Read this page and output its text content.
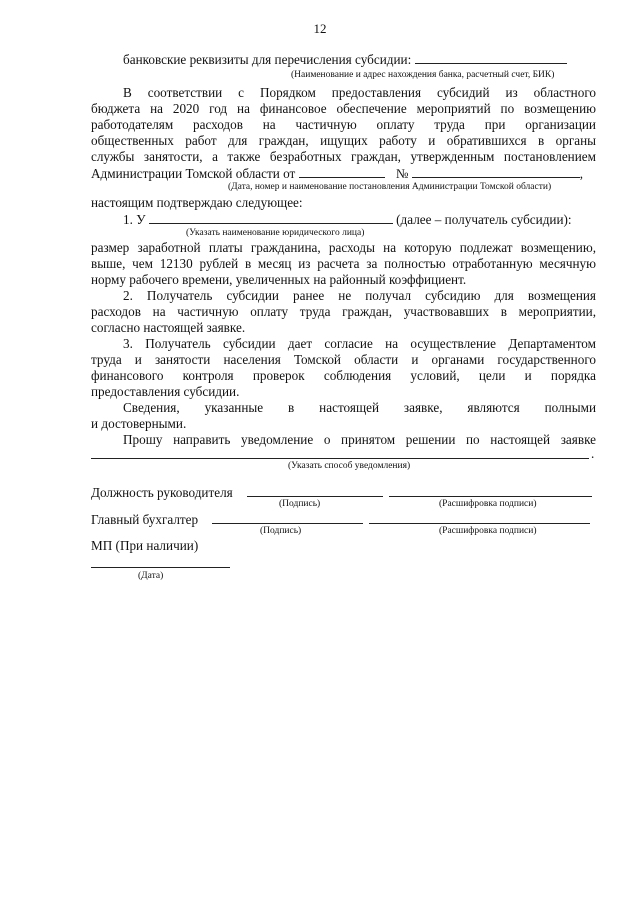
12
банковские реквизиты для перечисления субсидии:
(Наименование и адрес нахождения банка, расчетный счет, БИК)
В соответствии с Порядком предоставления субсидий из областного
бюджета на 2020 год на финансовое обеспечение мероприятий по возмещению
работодателям расходов на частичную оплату труда при организации
общественных работ для граждан, ищущих работу и обратившихся в органы
службы занятости, а также безработных граждан, утвержденным постановлением
Администрации Томской области от	№	,
(Дата, номер и наименование постановления Администрации Томской области)
настоящим подтверждаю следующее:
1. У	(далее – получатель субсидии):
(Указать наименование юридического лица)
размер заработной платы гражданина, расходы на которую подлежат возмещению,
выше, чем 12130 рублей в месяц из расчета за полностью отработанную месячную
норму рабочего времени, увеличенных на районный коэффициент.
2. Получатель субсидии ранее не получал субсидию для возмещения
расходов на частичную оплату труда граждан, участвовавших в мероприятии,
согласно настоящей заявке.
3. Получатель субсидии дает согласие на осуществление Департаментом
труда и занятости населения Томской области и органами государственного
финансового контроля проверок соблюдения условий, цели и порядка
предоставления субсидии.
Сведения, указанные в настоящей заявке, являются полными
и достоверными.
Прошу направить уведомление о принятом решении по настоящей заявке
.
(Указать способ уведомления)
Должность руководителя
(Подпись)	(Расшифровка подписи)
Главный бухгалтер
(Подпись)	(Расшифровка подписи)
МП (При наличии)
(Дата)
